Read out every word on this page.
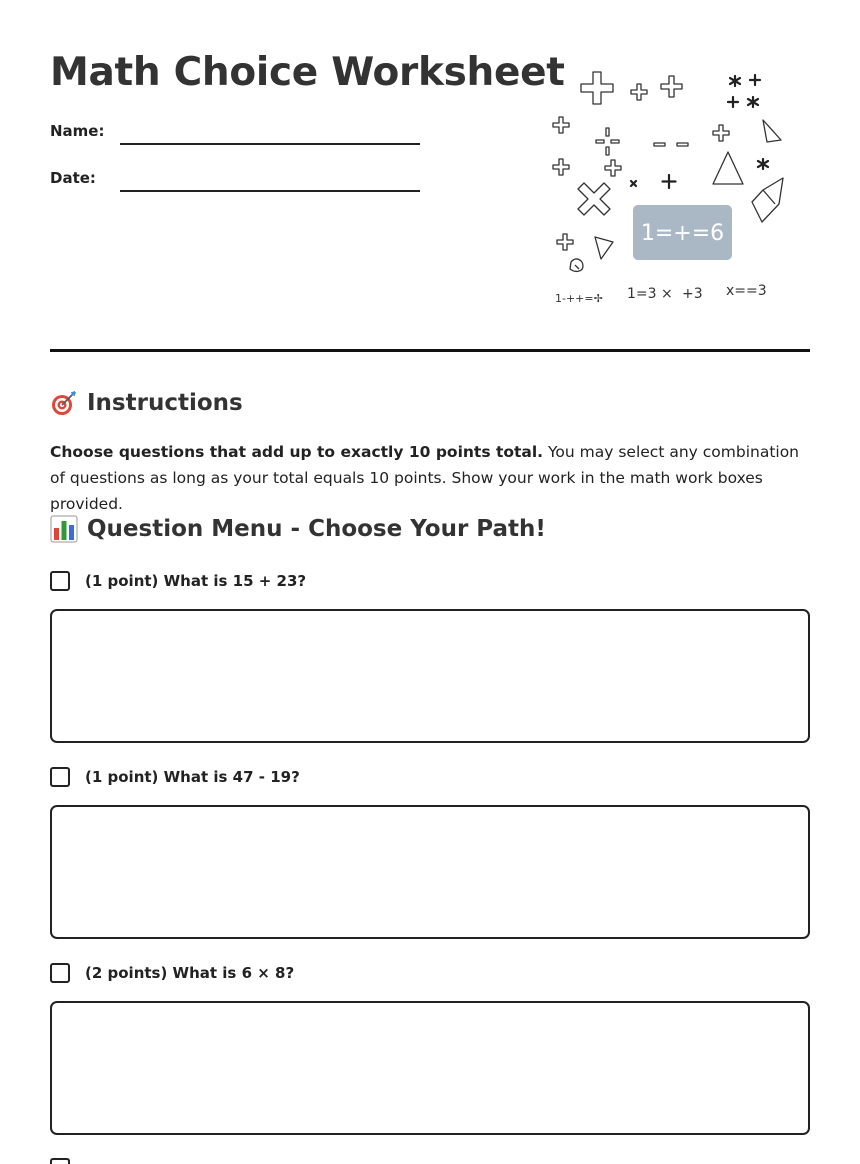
Math Choice Worksheet
Name:
Date:
1=+=6
1-++=✢ 1=3 × +3 x==3
Instructions

Choose questions that add up to exactly 10 points total. You may select any combination of questions as long as your total equals 10 points. Show your work in the math work boxes provided.

Question Menu - Choose Your Path!
(1 point) What is 15 + 23?
(1 point) What is 47 - 19?
(2 points) What is 6 × 8?
